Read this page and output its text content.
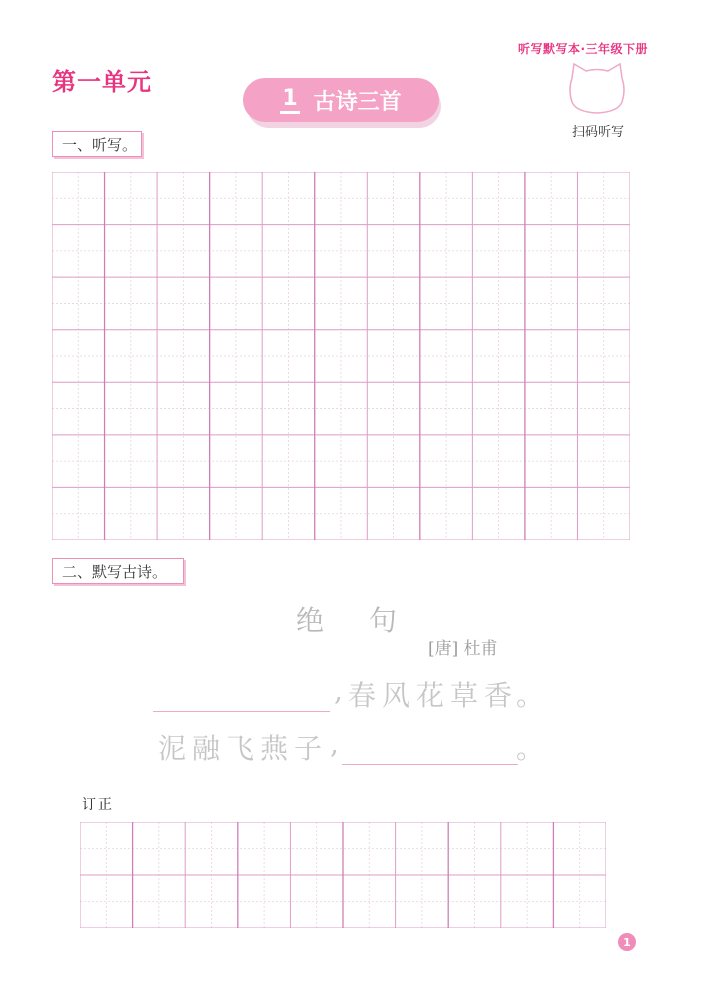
听写默写本·三年级下册
第一单元
1 古诗三首
扫码听写
一、听写。
二、默写古诗。
绝 句
[唐] 杜甫
, 春风花草香
。
泥融飞燕子 ,	。
订正
1
